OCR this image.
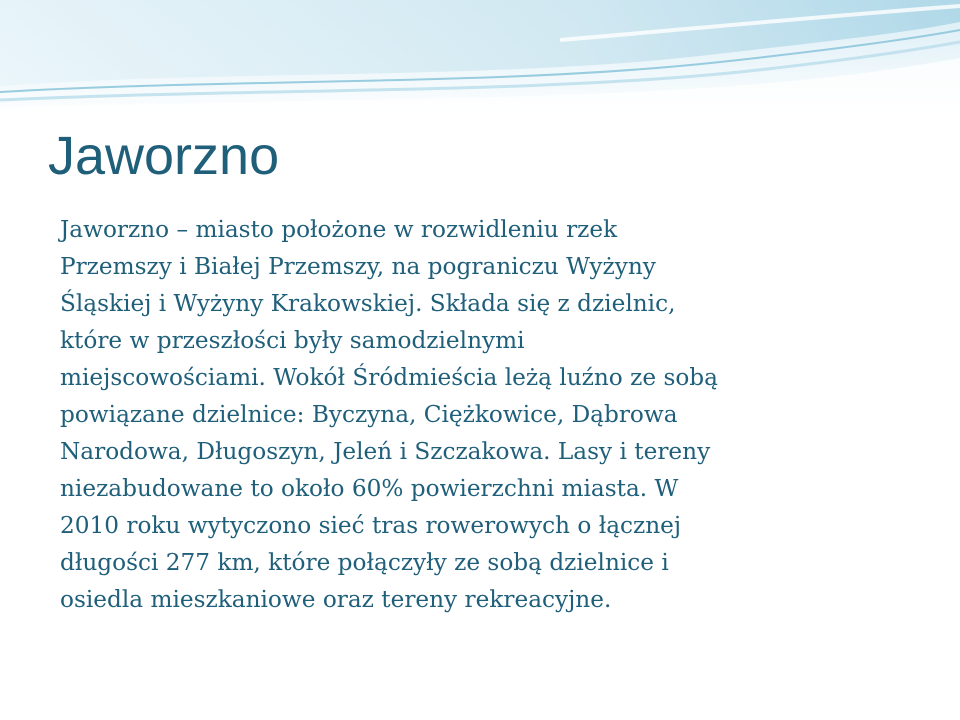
Jaworzno
Jaworzno – miasto położone w rozwidleniu rzek
Przemszy i Białej Przemszy, na pograniczu Wyżyny
Śląskiej i Wyżyny Krakowskiej. Składa się z dzielnic,
które w przeszłości były samodzielnymi
miejscowościami. Wokół Śródmieścia leżą luźno ze sobą
powiązane dzielnice: Byczyna, Ciężkowice, Dąbrowa
Narodowa, Długoszyn, Jeleń i Szczakowa. Lasy i tereny
niezabudowane to około 60% powierzchni miasta. W
2010 roku wytyczono sieć tras rowerowych o łącznej
długości 277 km, które połączyły ze sobą dzielnice i
osiedla mieszkaniowe oraz tereny rekreacyjne.
